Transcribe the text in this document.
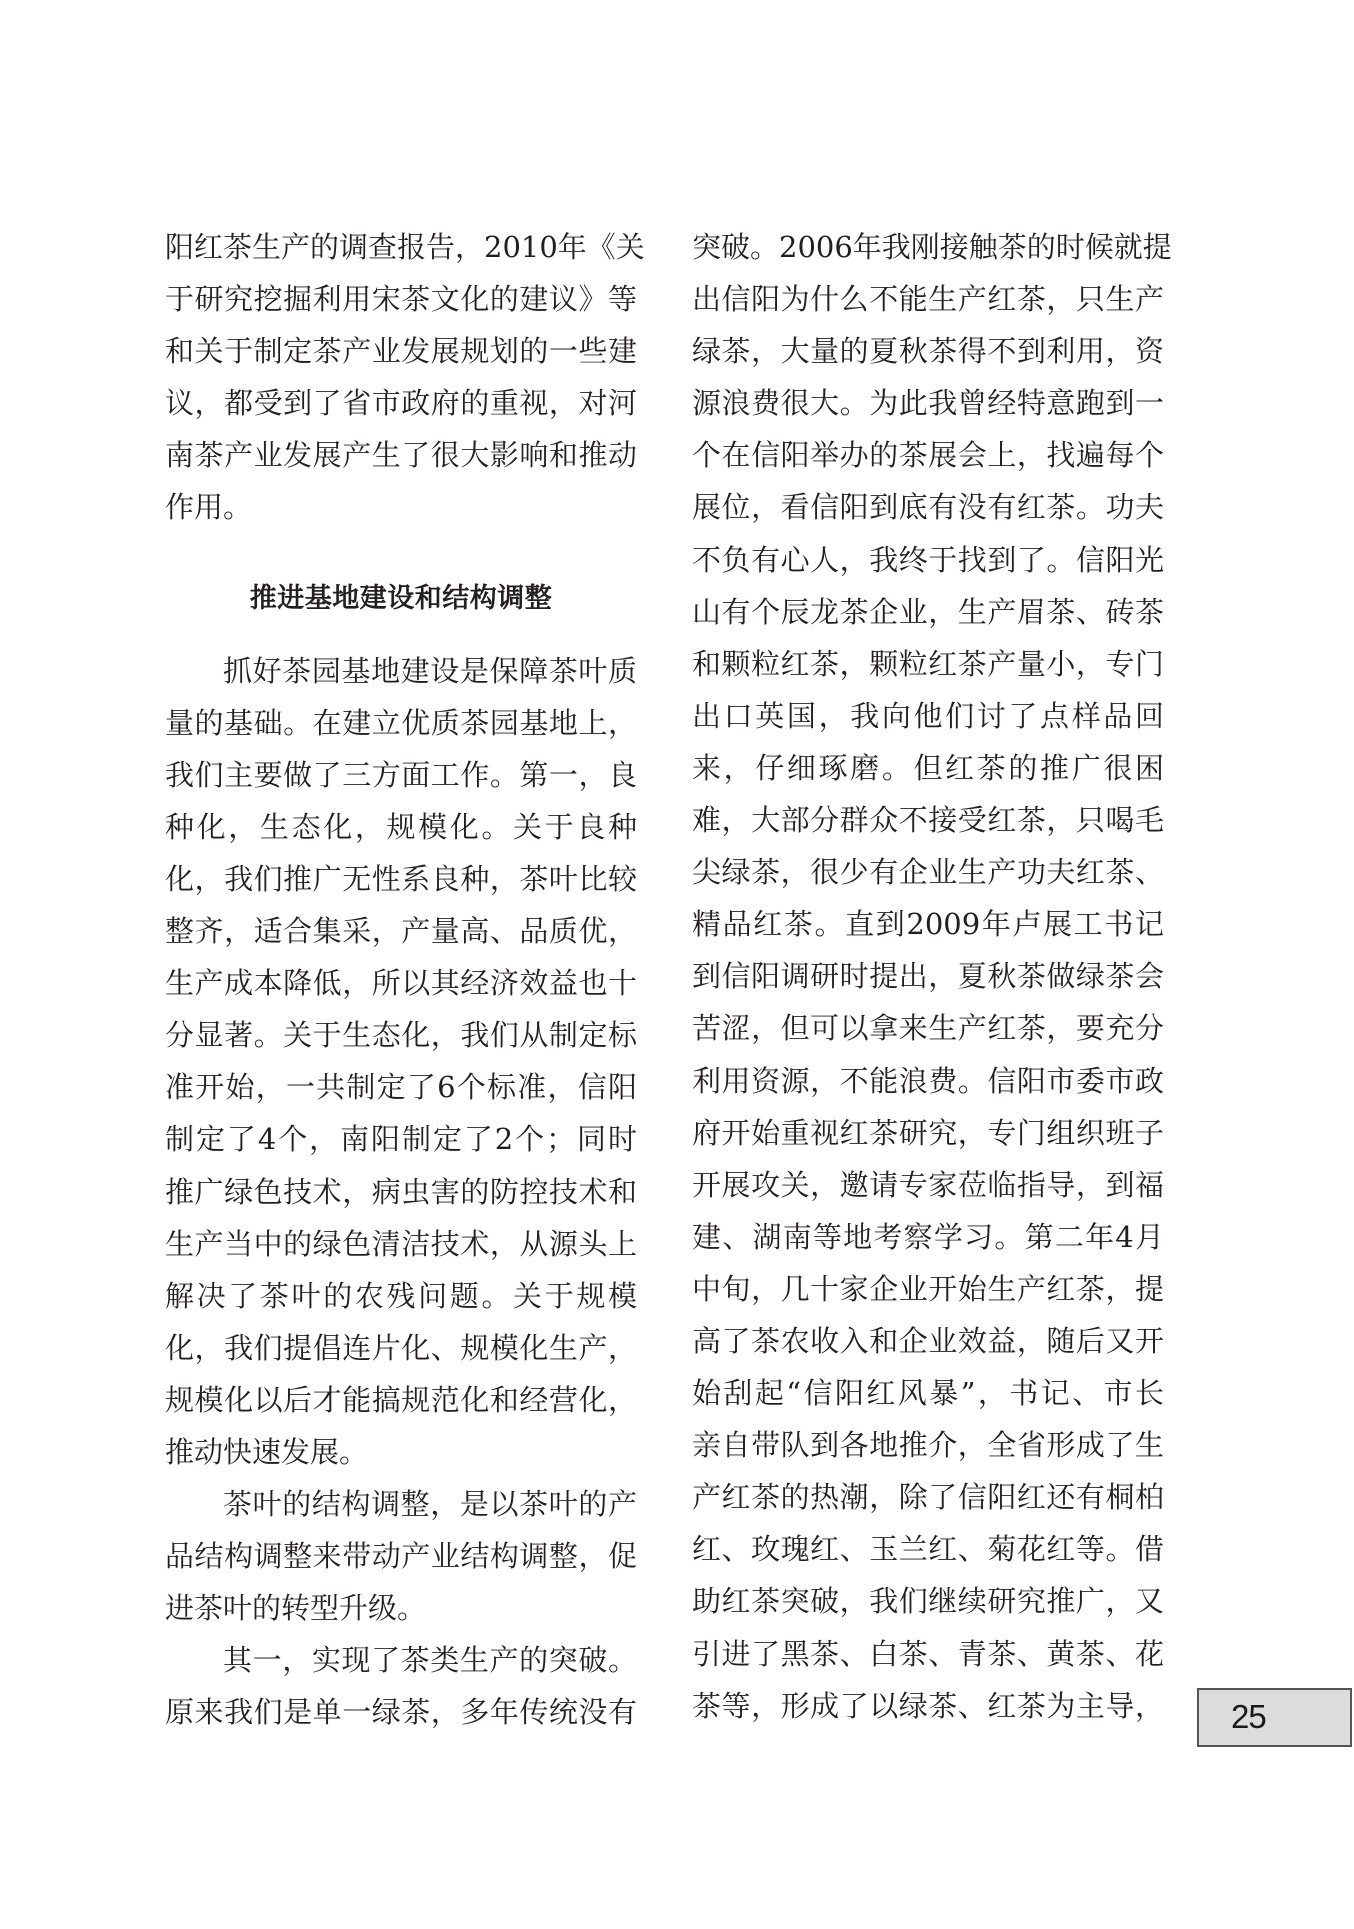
阳红茶生产的调查报告，2010年《关
于研究挖掘利用宋茶文化的建议》等
和关于制定茶产业发展规划的一些建
议，都受到了省市政府的重视，对河
南茶产业发展产生了很大影响和推动
作用。
推进基地建设和结构调整
抓好茶园基地建设是保障茶叶质
量的基础。在建立优质茶园基地上，
我们主要做了三方面工作。第一，良
种化，生态化，规模化。关于良种
化，我们推广无性系良种，茶叶比较
整齐，适合集采，产量高、品质优，
生产成本降低，所以其经济效益也十
分显著。关于生态化，我们从制定标
准开始，一共制定了6个标准，信阳
制定了4个，南阳制定了2个；同时
推广绿色技术，病虫害的防控技术和
生产当中的绿色清洁技术，从源头上
解决了茶叶的农残问题。关于规模
化，我们提倡连片化、规模化生产，
规模化以后才能搞规范化和经营化，
推动快速发展。
茶叶的结构调整，是以茶叶的产
品结构调整来带动产业结构调整，促
进茶叶的转型升级。
其一，实现了茶类生产的突破。
原来我们是单一绿茶，多年传统没有
突破。2006年我刚接触茶的时候就提
出信阳为什么不能生产红茶，只生产
绿茶，大量的夏秋茶得不到利用，资
源浪费很大。为此我曾经特意跑到一
个在信阳举办的茶展会上，找遍每个
展位，看信阳到底有没有红茶。功夫
不负有心人，我终于找到了。信阳光
山有个辰龙茶企业，生产眉茶、砖茶
和颗粒红茶，颗粒红茶产量小，专门
出口英国，我向他们讨了点样品回
来，仔细琢磨。但红茶的推广很困
难，大部分群众不接受红茶，只喝毛
尖绿茶，很少有企业生产功夫红茶、
精品红茶。直到2009年卢展工书记
到信阳调研时提出，夏秋茶做绿茶会
苦涩，但可以拿来生产红茶，要充分
利用资源，不能浪费。信阳市委市政
府开始重视红茶研究，专门组织班子
开展攻关，邀请专家莅临指导，到福
建、湖南等地考察学习。第二年4月
中旬，几十家企业开始生产红茶，提
高了茶农收入和企业效益，随后又开
始刮起“信阳红风暴”，书记、市长
亲自带队到各地推介，全省形成了生
产红茶的热潮，除了信阳红还有桐柏
红、玫瑰红、玉兰红、菊花红等。借
助红茶突破，我们继续研究推广，又
引进了黑茶、白茶、青茶、黄茶、花
茶等，形成了以绿茶、红茶为主导， 25
